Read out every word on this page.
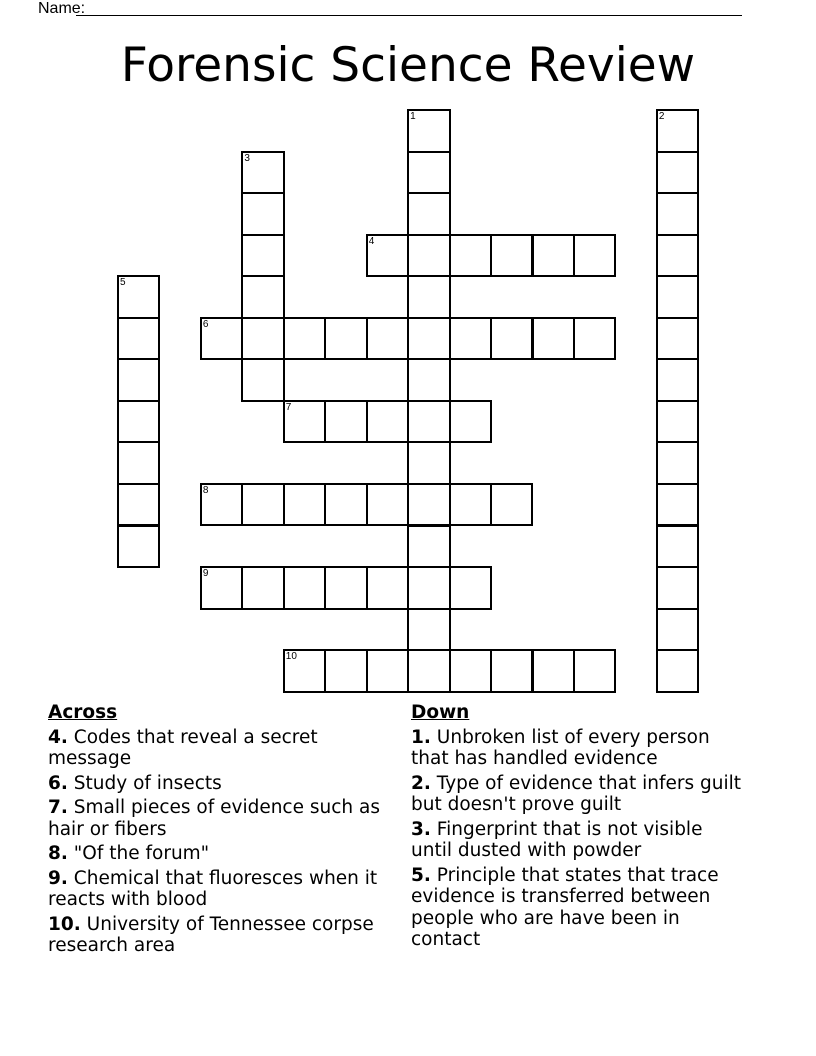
Name:
Forensic Science Review
1	2
3
4
5
6
7
8
9
10
Across
4. Codes that reveal a secret message
6. Study of insects
7. Small pieces of evidence such as hair or fibers
8. "Of the forum"
9. Chemical that fluoresces when it reacts with blood
10. University of Tennessee corpse research area
Down
1. Unbroken list of every person that has handled evidence
2. Type of evidence that infers guilt but doesn't prove guilt
3. Fingerprint that is not visible until dusted with powder
5. Principle that states that trace evidence is transferred between people who are have been in contact
